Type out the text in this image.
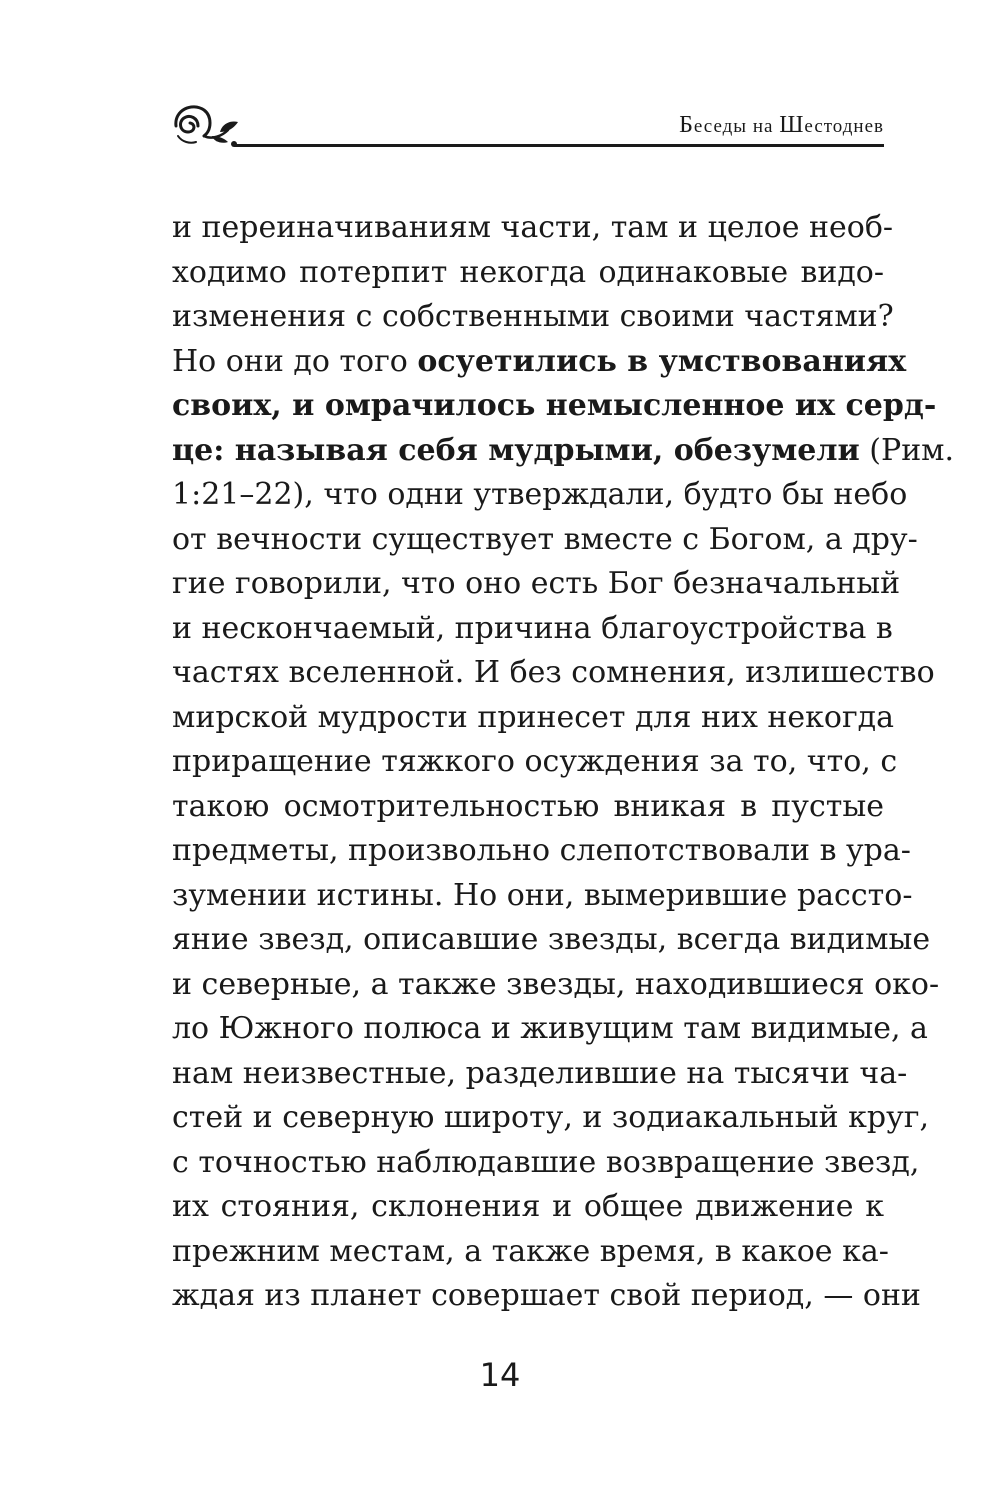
Беседы на Шестоднев
и переиначиваниям части, там и целое необ-
ходимо потерпит некогда одинаковые видо-
изменения с собственными своими частями?
Но они до того осуетились в умствованиях
своих, и омрачилось немысленное их серд-
це: называя себя мудрыми, обезумели (Рим.
1:21–22), что одни утверждали, будто бы небо
от вечности существует вместе с Богом, а дру-
гие говорили, что оно есть Бог безначальный
и нескончаемый, причина благоустройства в
частях вселенной. И без сомнения, излишество
мирской мудрости принесет для них некогда
приращение тяжкого осуждения за то, что, с
такою осмотрительностью вникая в пустые
предметы, произвольно слепотствовали в ура-
зумении истины. Но они, вымерившие рассто-
яние звезд, описавшие звезды, всегда видимые
и северные, а также звезды, находившиеся око-
ло Южного полюса и живущим там видимые, а
нам неизвестные, разделившие на тысячи ча-
стей и северную широту, и зодиакальный круг,
с точностью наблюдавшие возвращение звезд,
их стояния, склонения и общее движение к
прежним местам, а также время, в какое ка-
ждая из планет совершает свой период, — они
14
